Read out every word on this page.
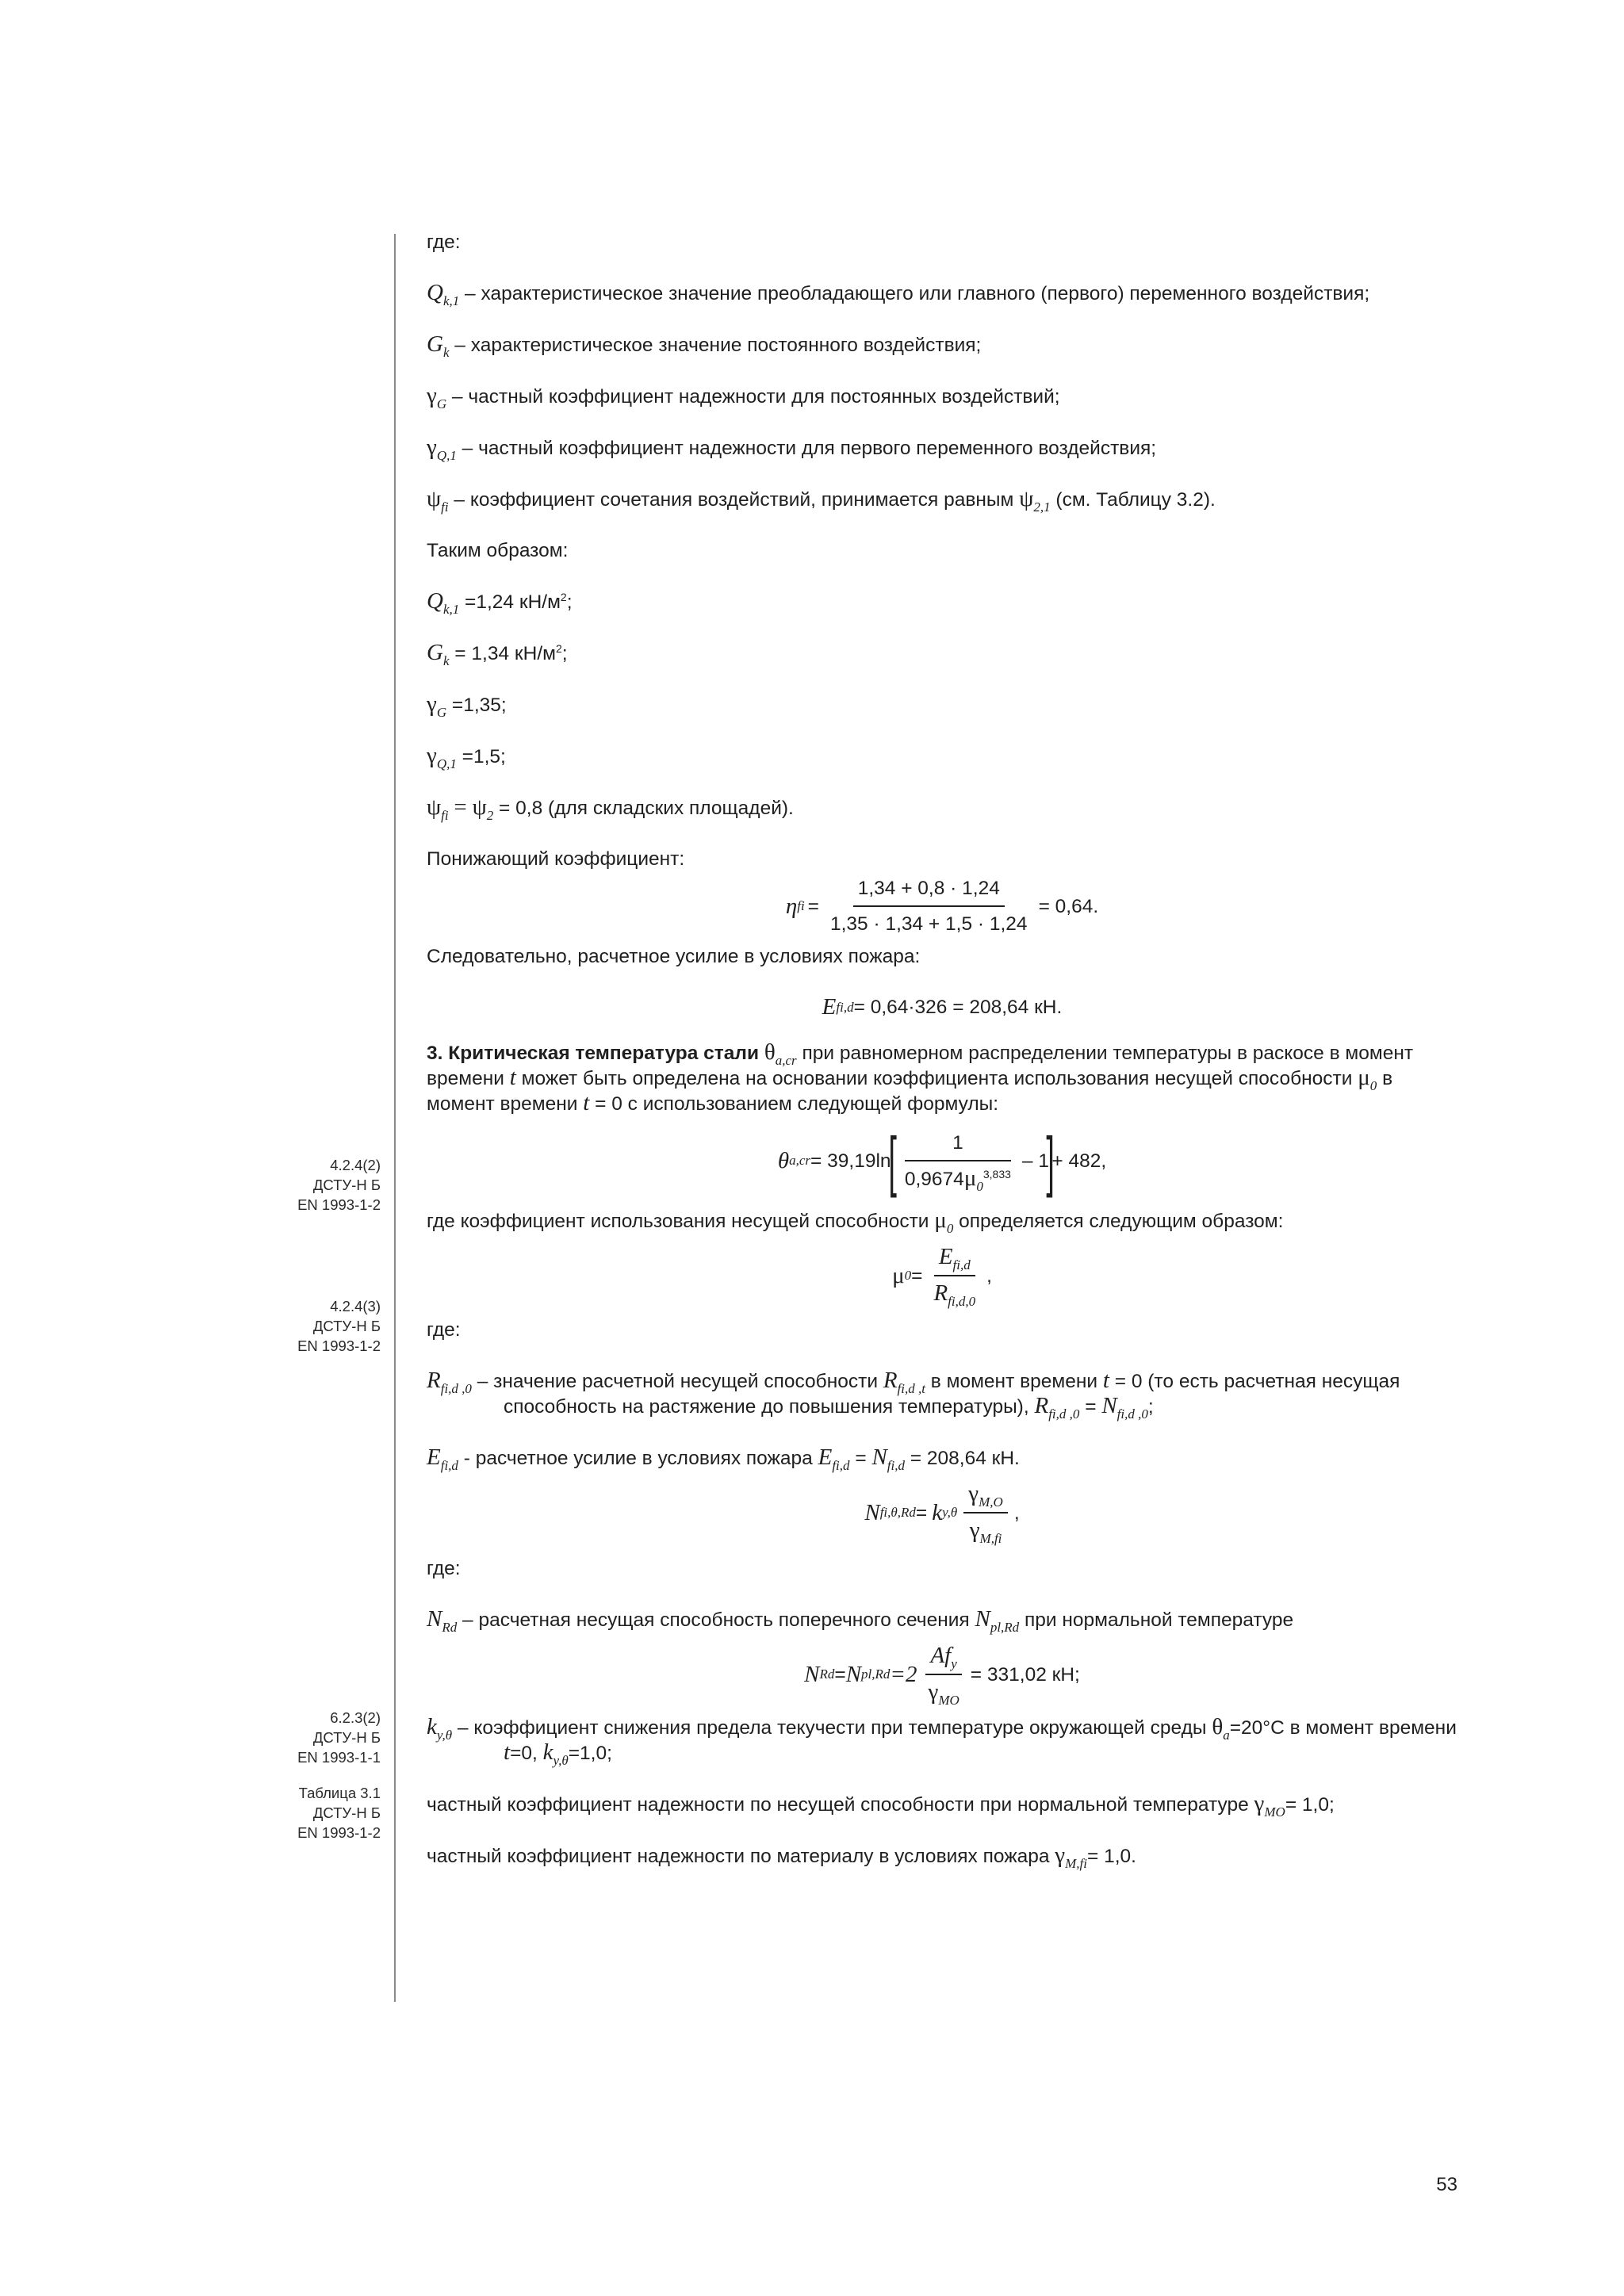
где:

$Q_{k,1}$ – характеристическое значение преобладающего или главного (первого) переменного воздействия;

$G_k$ – характеристическое значение постоянного воздействия;

$\gamma_G$ – частный коэффициент надежности для постоянных воздействий;

$\gamma_{Q,1}$ – частный коэффициент надежности для первого переменного воздействия;

$\psi_{fi}$ – коэффициент сочетания воздействий, принимается равным $\psi_{2,1}$ (см. Таблицу 3.2).

Таким образом:

$Q_{k,1} =1,24$ $кН/м^2$;

$G_k = 1,34$ $кН/м^2$;

$\gamma_G =1,35$;

$\gamma_{Q,1} =1,5$;

$\psi_{fi} = \psi_2 = 0,8$ (для складских площадей).

Понижающий коэффициент:

η fi = $\frac{1,34 + 0,8 \cdot 1,24}{1,35 \cdot 1,34 + 1,5 \cdot 1,24} = 0,64$.

Следовательно, расчетное усилие в условиях пожара:

E fi,d = 0,64·326 = 208,64 кН.

3. Критическая температура стали $\theta_{a,cr}$ при равномерном распределении температуры в раскосе в момент времени t может быть определена на основании коэффициента использования несущей способности $\mu_0$ в момент времени t = 0 с использованием следующей формулы:

θ a,cr = 39,19ln
[ $\frac{1}{0,9674\mu_0^{3,833}} - 1$
]
+ 482,

где коэффициент использования несущей способности $\mu_0$ определяется следующим образом:

μ $0 = \frac{E_{fi,d}}{R_{fi,d,0}}$ ,

где:

$R_{fi,d ,0}$ – значение расчетной несущей способности $R_{fi,d ,t}$ в момент времени t = 0 (то есть расчетная несущая способность на растяжение до повышения температуры), $R_{fi,d ,0} = N_{fi,d ,0}$;

$E_{fi,d}$ - расчетное усилие в условиях пожара $E_{fi,d} = N_{fi,d} = 208,64$ кН.

N fi,θ,Rd = k $y,\theta \frac{\gamma_{M,O}}{\gamma_{M,fi}}$ ,

где:

$N_{Rd}$ – расчетная несущая способность поперечного сечения $N_{pl,Rd}$ при нормальной температуре

N Rd = N $pl,Rd =2 \frac{Af_y}{\gamma_{MO}} = 331,02$ кН;

$k_{y,\theta}$ – коэффициент снижения предела текучести при температуре окружающей среды $\theta_a=20^\circ С$ в момент времени t=0, $k_{y,\theta}=1,0$;

частный коэффициент надежности по несущей способности при нормальной температуре $\gamma_{MO}= 1,0$;

частный коэффициент надежности по материалу в условиях пожара $\gamma_{M,fi}= 1,0$.

4.2.4(2)
ДСТУ-Н Б
EN 1993-1-2
4.2.4(3)
ДСТУ-Н Б
EN 1993-1-2
6.2.3(2)
ДСТУ-Н Б
EN 1993-1-1
Таблица 3.1
ДСТУ-Н Б
EN 1993-1-2
53
